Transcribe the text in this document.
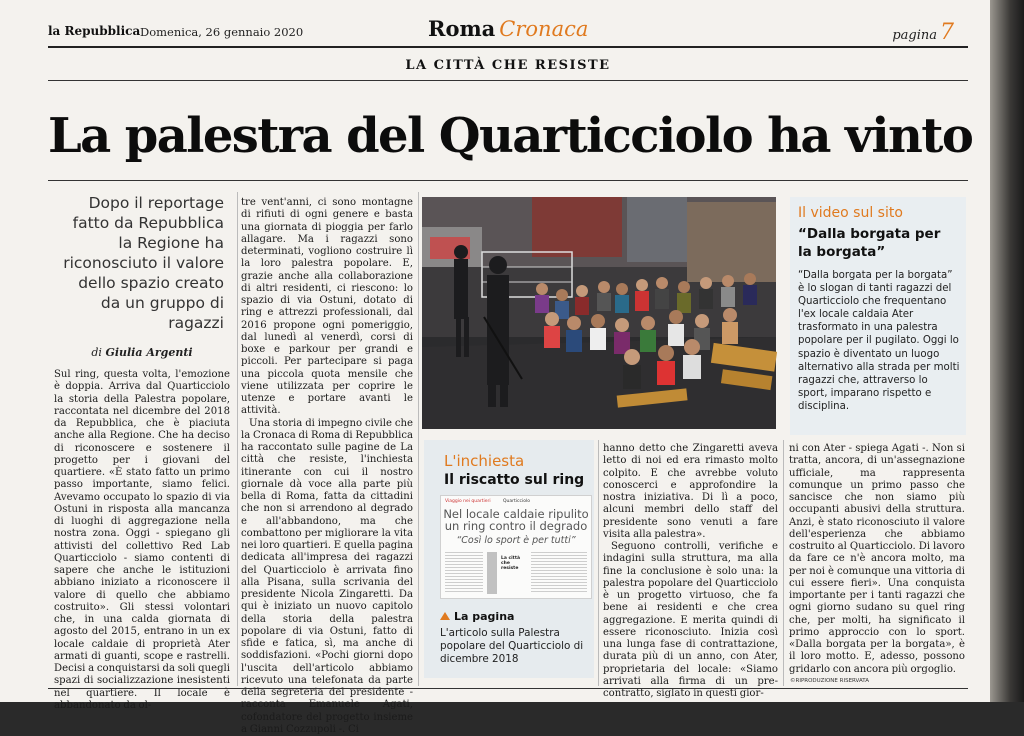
la Repubblica Domenica, 26 gennaio 2020	Roma Cronaca	pagina 7
LA CITTÀ CHE RESISTE
La palestra del Quarticciolo ha vinto
Dopo il reportage fatto da Repubblica la Regione ha riconosciuto il valore dello spazio creato da un gruppo di ragazzi
di Giulia Argenti

Sul ring, questa volta, l'emozione è doppia. Arriva dal Quarticciolo la storia della Palestra popolare, raccontata nel dicembre del 2018 da Repubblica, che è piaciuta anche alla Regione. Che ha deciso di riconoscere e sostenere il progetto per i giovani del quartiere. «È stato fatto un primo passo importante, siamo felici. Avevamo occupato lo spazio di via Ostuni in risposta alla mancanza di luoghi di aggregazione nella nostra zona. Oggi - spiegano gli attivisti del collettivo Red Lab Quarticciolo - siamo contenti di sapere che anche le istituzioni abbiano iniziato a riconoscere il valore di quello che abbiamo costruito». Gli stessi volontari che, in una calda giornata di agosto del 2015, entrano in un ex locale caldaie di proprietà Ater armati di guanti, scope e rastrelli. Decisi a conquistarsi da soli quegli spazi di socializzazione inesistenti nel quartiere. Il locale è abbandonato da ol-

tre vent'anni, ci sono montagne di rifiuti di ogni genere e basta una giornata di pioggia per farlo allagare. Ma i ragazzi sono determinati, vogliono costruire lì la loro palestra popolare. E, grazie anche alla collaborazione di altri residenti, ci riescono: lo spazio di via Ostuni, dotato di ring e attrezzi professionali, dal 2016 propone ogni pomeriggio, dal lunedì al venerdì, corsi di boxe e parkour per grandi e piccoli. Per partecipare si paga una piccola quota mensile che viene utilizzata per coprire le utenze e portare avanti le attività.

Una storia di impegno civile che la Cronaca di Roma di Repubblica ha raccontato sulle pagine de La città che resiste, l'inchiesta itinerante con cui il nostro giornale dà voce alla parte più bella di Roma, fatta da cittadini che non si arrendono al degrado e all'abbandono, ma che combattono per migliorare la vita nei loro quartieri. E quella pagina dedicata all'impresa dei ragazzi del Quarticciolo è arrivata fino alla Pisana, sulla scrivania del presidente Nicola Zingaretti. Da qui è iniziato un nuovo capitolo della storia della palestra popolare di via Ostuni, fatto di sfide e fatica, sì, ma anche di soddisfazioni. «Pochi giorni dopo l'uscita dell'articolo abbiamo ricevuto una telefonata da parte della segreteria del presidente - racconta Emanuele Agati, cofondatore del progetto insieme a Gianni Cozzupoli -. Ci

Il video sul sito
“Dalla borgata per la borgata”
“Dalla borgata per la borgata” è lo slogan di tanti ragazzi del Quarticciolo che frequentano l'ex locale caldaia Ater trasformato in una palestra popolare per il pugilato. Oggi lo spazio è diventato un luogo alternativo alla strada per molti ragazzi che, attraverso lo sport, imparano rispetto e disciplina.
L'inchiesta
Il riscatto sul ring
Viaggio nei quartieri	Quarticciolo
Nel locale caldaie ripulito un ring contro il degrado
“Così lo sport è per tutti”
La città che resiste
La pagina
L'articolo sulla Palestra popolare del Quarticciolo di dicembre 2018

hanno detto che Zingaretti aveva letto di noi ed era rimasto molto colpito. E che avrebbe voluto conoscerci e approfondire la nostra iniziativa. Di lì a poco, alcuni membri dello staff del presidente sono venuti a fare visita alla palestra».

Seguono controlli, verifiche e indagini sulla struttura, ma alla fine la conclusione è solo una: la palestra popolare del Quarticciolo è un progetto virtuoso, che fa bene ai residenti e che crea aggregazione. E merita quindi di essere riconosciuto. Inizia così una lunga fase di contrattazione, durata più di un anno, con Ater, proprietaria del locale: «Siamo arrivati alla firma di un pre-contratto, siglato in questi gior-

ni con Ater - spiega Agati -. Non si tratta, ancora, di un'assegnazione ufficiale, ma rappresenta comunque un primo passo che sancisce che non siamo più occupanti abusivi della struttura. Anzi, è stato riconosciuto il valore dell'esperienza che abbiamo costruito al Quarticciolo. Di lavoro da fare ce n'è ancora molto, ma per noi è comunque una vittoria di cui essere fieri». Una conquista importante per i tanti ragazzi che ogni giorno sudano su quel ring che, per molti, ha significato il primo approccio con lo sport. «Dalla borgata per la borgata», è il loro motto. E, adesso, possono gridarlo con ancora più orgoglio.

©RIPRODUZIONE RISERVATA
